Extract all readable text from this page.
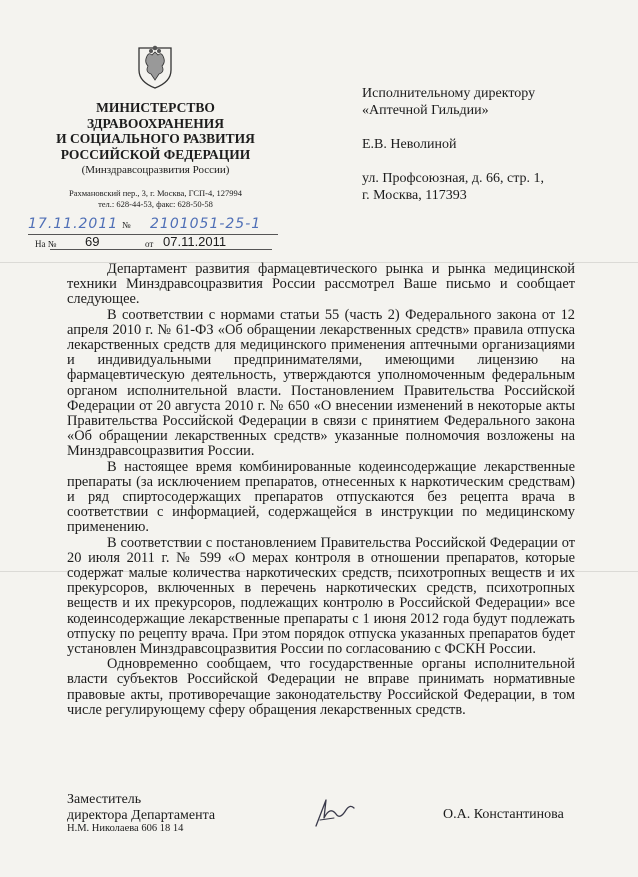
МИНИСТЕРСТВО
ЗДРАВООХРАНЕНИЯ
И СОЦИАЛЬНОГО РАЗВИТИЯ
РОССИЙСКОЙ ФЕДЕРАЦИИ
(Минздравсоцразвития России)
Рахмановский пер., 3, г. Москва, ГСП-4, 127994
тел.: 628-44-53, факс: 628-50-58
17.11.2011 № 2101051-25-1
На № 69	от 07.11.2011
Исполнительному директору
«Аптечной Гильдии»
Е.В. Неволиной
ул. Профсоюзная, д. 66, стр. 1,
г. Москва, 117393

Департамент развития фармацевтического рынка и рынка медицинской техники Минздравсоцразвития России рассмотрел Ваше письмо и сообщает следующее.

В соответствии с нормами статьи 55 (часть 2) Федерального закона от 12 апреля 2010 г. № 61-ФЗ «Об обращении лекарственных средств» правила отпуска лекарственных средств для медицинского применения аптечными организациями и индивидуальными предпринимателями, имеющими лицензию на фармацевтическую деятельность, утверждаются уполномоченным федеральным органом исполнительной власти. Постановлением Правительства Российской Федерации от 20 августа 2010 г. № 650 «О внесении изменений в некоторые акты Правительства Российской Федерации в связи с принятием Федерального закона «Об обращении лекарственных средств» указанные полномочия возложены на Минздравсоцразвития России.

В настоящее время комбинированные кодеинсодержащие лекарственные препараты (за исключением препаратов, отнесенных к наркотическим средствам) и ряд спиртосодержащих препаратов отпускаются без рецепта врача в соответствии с информацией, содержащейся в инструкции по медицинскому применению.

В соответствии с постановлением Правительства Российской Федерации от 20 июля 2011 г. № 599 «О мерах контроля в отношении препаратов, которые содержат малые количества наркотических средств, психотропных веществ и их прекурсоров, включенных в перечень наркотических средств, психотропных веществ и их прекурсоров, подлежащих контролю в Российской Федерации» все кодеинсодержащие лекарственные препараты с 1 июня 2012 года будут подлежать отпуску по рецепту врача. При этом порядок отпуска указанных препаратов будет установлен Минздравсоцразвития России по согласованию с ФСКН России.

Одновременно сообщаем, что государственные органы исполнительной власти субъектов Российской Федерации не вправе принимать нормативные правовые акты, противоречащие законодательству Российской Федерации, в том числе регулирующему сферу обращения лекарственных средств.

Заместитель
директора Департамента
Н.М. Николаева 606 18 14
О.А. Константинова
